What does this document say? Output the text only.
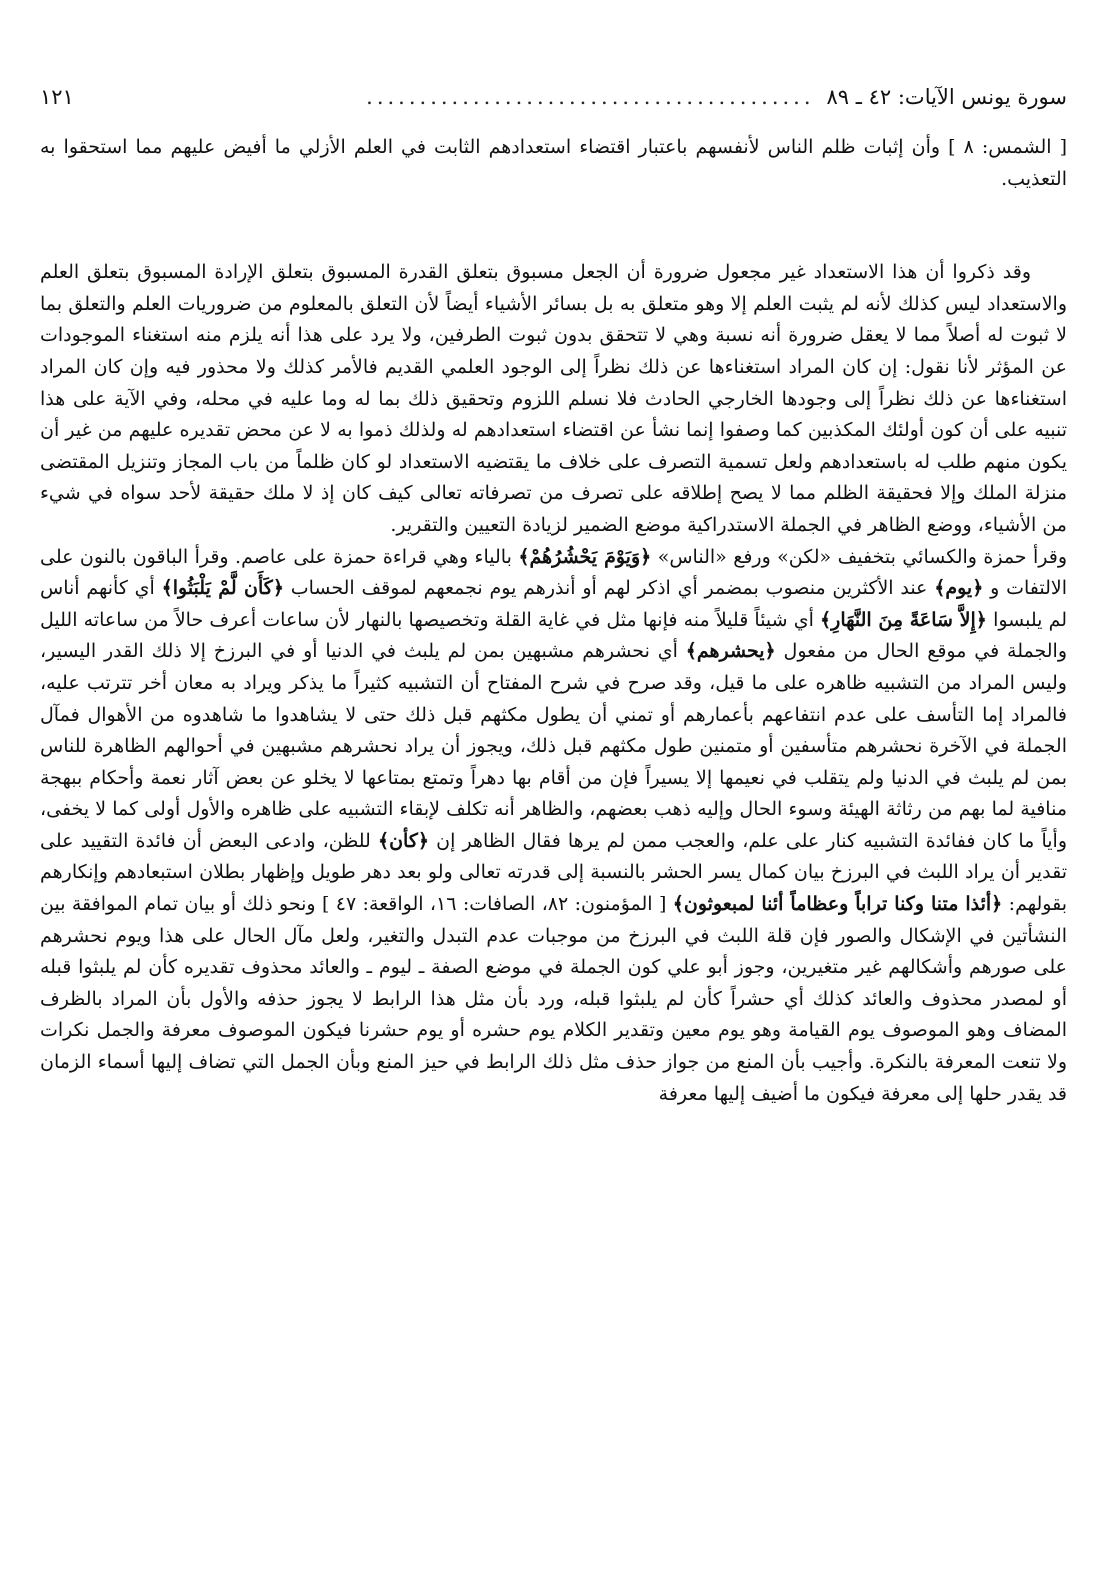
سورة يونس الآيات: ٤٢ ـ ٨٩
..........................................
١٢١

[ الشمس: ٨ ] وأن إثبات ظلم الناس لأنفسهم باعتبار اقتضاء استعدادهم الثابت في العلم الأزلي ما أفيض عليهم مما استحقوا به التعذيب.

وقد ذكروا أن هذا الاستعداد غير مجعول ضرورة أن الجعل مسبوق بتعلق القدرة المسبوق بتعلق الإرادة المسبوق بتعلق العلم والاستعداد ليس كذلك لأنه لم يثبت العلم إلا وهو متعلق به بل بسائر الأشياء أيضاً لأن التعلق بالمعلوم من ضروريات العلم والتعلق بما لا ثبوت له أصلاً مما لا يعقل ضرورة أنه نسبة وهي لا تتحقق بدون ثبوت الطرفين، ولا يرد على هذا أنه يلزم منه استغناء الموجودات عن المؤثر لأنا نقول: إن كان المراد استغناءها عن ذلك نظراً إلى الوجود العلمي القديم فالأمر كذلك ولا محذور فيه وإن كان المراد استغناءها عن ذلك نظراً إلى وجودها الخارجي الحادث فلا نسلم اللزوم وتحقيق ذلك بما له وما عليه في محله، وفي الآية على هذا تنبيه على أن كون أولئك المكذبين كما وصفوا إنما نشأ عن اقتضاء استعدادهم له ولذلك ذموا به لا عن محض تقديره عليهم من غير أن يكون منهم طلب له باستعدادهم ولعل تسمية التصرف على خلاف ما يقتضيه الاستعداد لو كان ظلماً من باب المجاز وتنزيل المقتضى منزلة الملك وإلا فحقيقة الظلم مما لا يصح إطلاقه على تصرف من تصرفاته تعالى كيف كان إذ لا ملك حقيقة لأحد سواه في شيء من الأشياء، ووضع الظاهر في الجملة الاستدراكية موضع الضمير لزيادة التعيين والتقرير.

وقرأ حمزة والكسائي بتخفيف «لكن» ورفع «الناس» ﴿وَيَوْمَ يَحْشُرُهُمْ﴾ بالياء وهي قراءة حمزة على عاصم. وقرأ الباقون بالنون على الالتفات و ﴿يوم﴾ عند الأكثرين منصوب بمضمر أي اذكر لهم أو أنذرهم يوم نجمعهم لموقف الحساب ﴿كَأَن لَّمْ يَلْبَثُوا﴾ أي كأنهم أناس لم يلبسوا ﴿إِلاَّ سَاعَةً مِنَ النَّهَارِ﴾ أي شيئاً قليلاً منه فإنها مثل في غاية القلة وتخصيصها بالنهار لأن ساعات أعرف حالاً من ساعاته الليل والجملة في موقع الحال من مفعول ﴿يحشرهم﴾ أي نحشرهم مشبهين بمن لم يلبث في الدنيا أو في البرزخ إلا ذلك القدر اليسير، وليس المراد من التشبيه ظاهره على ما قيل، وقد صرح في شرح المفتاح أن التشبيه كثيراً ما يذكر ويراد به معان أخر تترتب عليه، فالمراد إما التأسف على عدم انتفاعهم بأعمارهم أو تمني أن يطول مكثهم قبل ذلك حتى لا يشاهدوا ما شاهدوه من الأهوال فمآل الجملة في الآخرة نحشرهم متأسفين أو متمنين طول مكثهم قبل ذلك، ويجوز أن يراد نحشرهم مشبهين في أحوالهم الظاهرة للناس بمن لم يلبث في الدنيا ولم يتقلب في نعيمها إلا يسيراً فإن من أقام بها دهراً وتمتع بمتاعها لا يخلو عن بعض آثار نعمة وأحكام ببهجة منافية لما بهم من رثاثة الهيئة وسوء الحال وإليه ذهب بعضهم، والظاهر أنه تكلف لإبقاء التشبيه على ظاهره والأول أولى كما لا يخفى، وأياً ما كان ففائدة التشبيه كنار على علم، والعجب ممن لم يرها فقال الظاهر إن ﴿كأن﴾ للظن، وادعى البعض أن فائدة التقييد على تقدير أن يراد اللبث في البرزخ بيان كمال يسر الحشر بالنسبة إلى قدرته تعالى ولو بعد دهر طويل وإظهار بطلان استبعادهم وإنكارهم بقولهم: ﴿أئذا متنا وكنا تراباً وعظاماً أئنا لمبعوثون﴾ [ المؤمنون: ٨٢، الصافات: ١٦، الواقعة: ٤٧ ] ونحو ذلك أو بيان تمام الموافقة بين النشأتين في الإشكال والصور فإن قلة اللبث في البرزخ من موجبات عدم التبدل والتغير، ولعل مآل الحال على هذا ويوم نحشرهم على صورهم وأشكالهم غير متغيرين، وجوز أبو علي كون الجملة في موضع الصفة ـ ليوم ـ والعائد محذوف تقديره كأن لم يلبثوا قبله أو لمصدر محذوف والعائد كذلك أي حشراً كأن لم يلبثوا قبله، ورد بأن مثل هذا الرابط لا يجوز حذفه والأول بأن المراد بالظرف المضاف وهو الموصوف يوم القيامة وهو يوم معين وتقدير الكلام يوم حشره أو يوم حشرنا فيكون الموصوف معرفة والجمل نكرات ولا تنعت المعرفة بالنكرة. وأجيب بأن المنع من جواز حذف مثل ذلك الرابط في حيز المنع وبأن الجمل التي تضاف إليها أسماء الزمان قد يقدر حلها إلى معرفة فيكون ما أضيف إليها معرفة
